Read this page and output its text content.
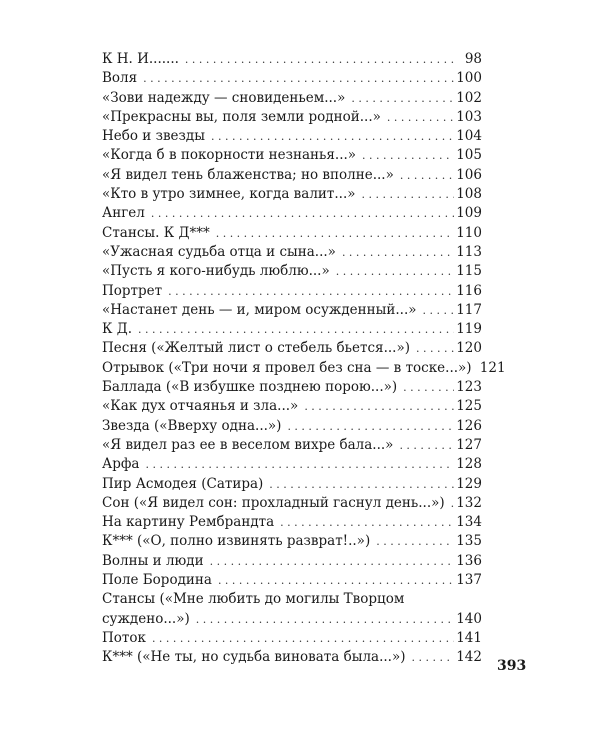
К Н. И....... . . .	98
Воля . . .	100
«Зови надежду — сновиденьем...» . . .	102
«Прекрасны вы, поля земли родной...» . . .	103
Небо и звезды . . .	104
«Когда б в покорности незнанья...» . . .	105
«Я видел тень блаженства; но вполне...» . . .	106
«Кто в утро зимнее, когда валит...» . . .	108
Ангел . . .	109
Стансы. К Д*** . . .	110
«Ужасная судьба отца и сына...» . . .	113
«Пусть я кого-нибудь люблю...» . . .	115
Портрет . . .	116
«Настанет день — и, миром осужденный...» . . .	117
К Д. . . .	119
Песня («Желтый лист о стебель бьется...») . . .	120
Отрывок («Три ночи я провел без сна — в тоске...») 121
Баллада («В избушке позднею порою...») . . .	123
«Как дух отчаянья и зла...» . . .	125
Звезда («Вверху одна...») . . .	126
«Я видел раз ее в веселом вихре бала...» . . .	127
Арфа . . .	128
Пир Асмодея (Сатира) . . .	129
Сон («Я видел сон: прохладный гаснул день...») . . . 132
На картину Рембрандта . . .	134
К*** («О, полно извинять разврат!..») . . .	135
Волны и люди . . .	136
Поле Бородина . . .	137
Стансы («Мне любить до могилы Творцом
суждено...») . . .	140
Поток . . .	141
К*** («Не ты, но судьба виновата была...») . . .	142
393
